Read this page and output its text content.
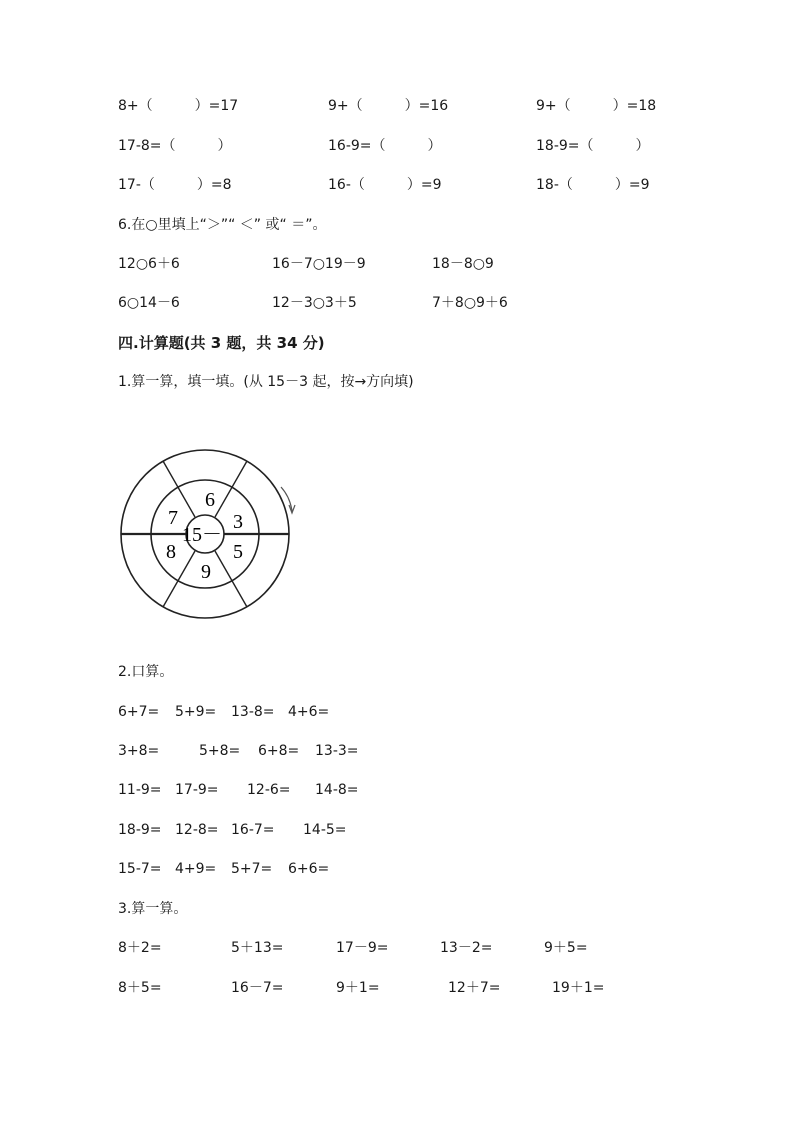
8+（　　　）=17	9+（　　　）=16	9+（　　　）=18
17-8=（　　　）	16-9=（　　　）	18-9=（　　　）
17-（　　　）=8	16-（　　　）=9	18-（　　　）=9
6.在○里填上“＞”“ ＜” 或“ ＝”。
12○6＋6	16－7○19－9	18－8○9
6○14－6	12－3○3＋5	7＋8○9＋6
四.计算题(共 3 题，共 34 分)
1.算一算，填一填。(从 15－3 起，按→方向填)
15－
6
3
5
9
8
7
2.口算。
6+7= 5+9= 13-8= 4+6=
3+8=	5+8= 6+8= 13-3=
11-9= 17-9= 12-6= 14-8=
18-9= 12-8= 16-7= 14-5=
15-7= 4+9= 5+7= 6+6=
3.算一算。
8＋2=	5＋13=	17－9=	13－2=	9＋5=
8＋5=	16－7=	9＋1=	12＋7=	19＋1=
